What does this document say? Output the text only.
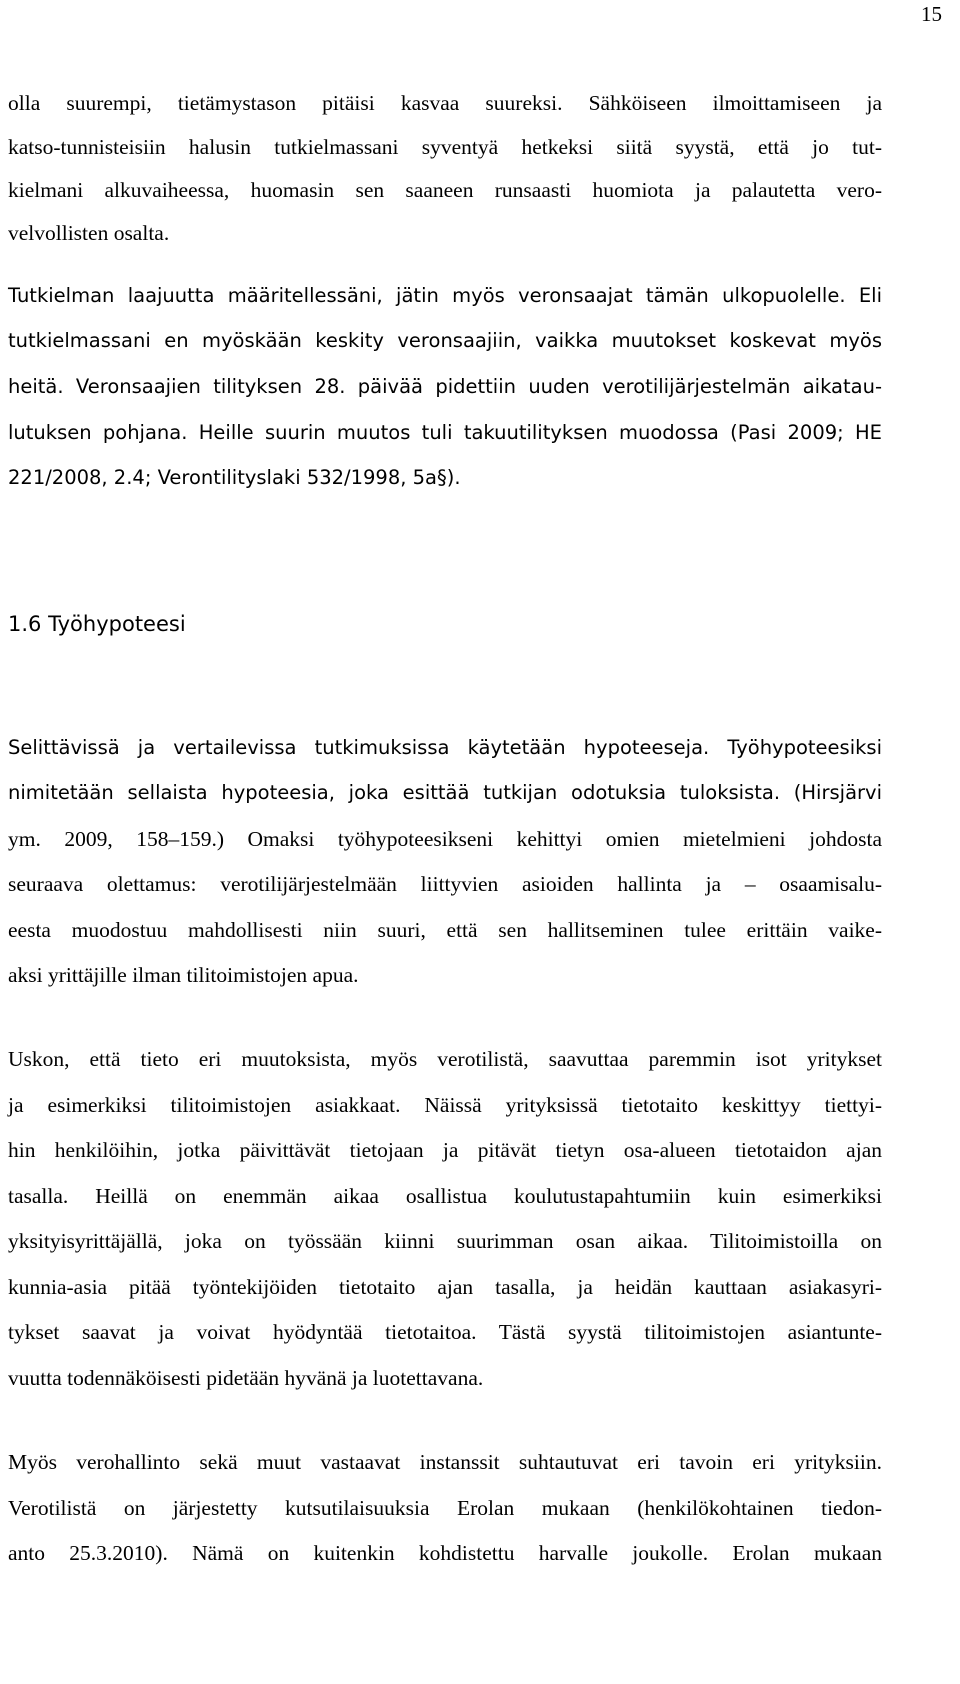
15
olla suurempi, tietämystason pitäisi kasvaa suureksi. Sähköiseen ilmoittamiseen ja
katso-tunnisteisiin halusin tutkielmassani syventyä hetkeksi siitä syystä, että jo tut-
kielmani alkuvaiheessa, huomasin sen saaneen runsaasti huomiota ja palautetta vero-
velvollisten osalta.
Tutkielman laajuutta määritellessäni, jätin myös veronsaajat tämän ulkopuolelle. Eli
tutkielmassani en myöskään keskity veronsaajiin, vaikka muutokset koskevat myös
heitä. Veronsaajien tilityksen 28. päivää pidettiin uuden verotilijärjestelmän aikatau-
lutuksen pohjana. Heille suurin muutos tuli takuutilityksen muodossa (Pasi 2009; HE
221/2008, 2.4; Verontilityslaki 532/1998, 5a§).
1.6 Työhypoteesi
Selittävissä ja vertailevissa tutkimuksissa käytetään hypoteeseja. Työhypoteesiksi
nimitetään sellaista hypoteesia, joka esittää tutkijan odotuksia tuloksista. (Hirsjärvi
ym. 2009, 158–159.) Omaksi työhypoteesikseni kehittyi omien mietelmieni johdosta
seuraava olettamus: verotilijärjestelmään liittyvien asioiden hallinta ja – osaamisalu-
eesta muodostuu mahdollisesti niin suuri, että sen hallitseminen tulee erittäin vaike-
aksi yrittäjille ilman tilitoimistojen apua.
Uskon, että tieto eri muutoksista, myös verotilistä, saavuttaa paremmin isot yritykset
ja esimerkiksi tilitoimistojen asiakkaat. Näissä yrityksissä tietotaito keskittyy tiettyi-
hin henkilöihin, jotka päivittävät tietojaan ja pitävät tietyn osa-alueen tietotaidon ajan
tasalla. Heillä on enemmän aikaa osallistua koulutustapahtumiin kuin esimerkiksi
yksityisyrittäjällä, joka on työssään kiinni suurimman osan aikaa. Tilitoimistoilla on
kunnia-asia pitää työntekijöiden tietotaito ajan tasalla, ja heidän kauttaan asiakasyri-
tykset saavat ja voivat hyödyntää tietotaitoa. Tästä syystä tilitoimistojen asiantunte-
vuutta todennäköisesti pidetään hyvänä ja luotettavana.
Myös verohallinto sekä muut vastaavat instanssit suhtautuvat eri tavoin eri yrityksiin.
Verotilistä on järjestetty kutsutilaisuuksia Erolan mukaan (henkilökohtainen tiedon-
anto 25.3.2010). Nämä on kuitenkin kohdistettu harvalle joukolle. Erolan mukaan
